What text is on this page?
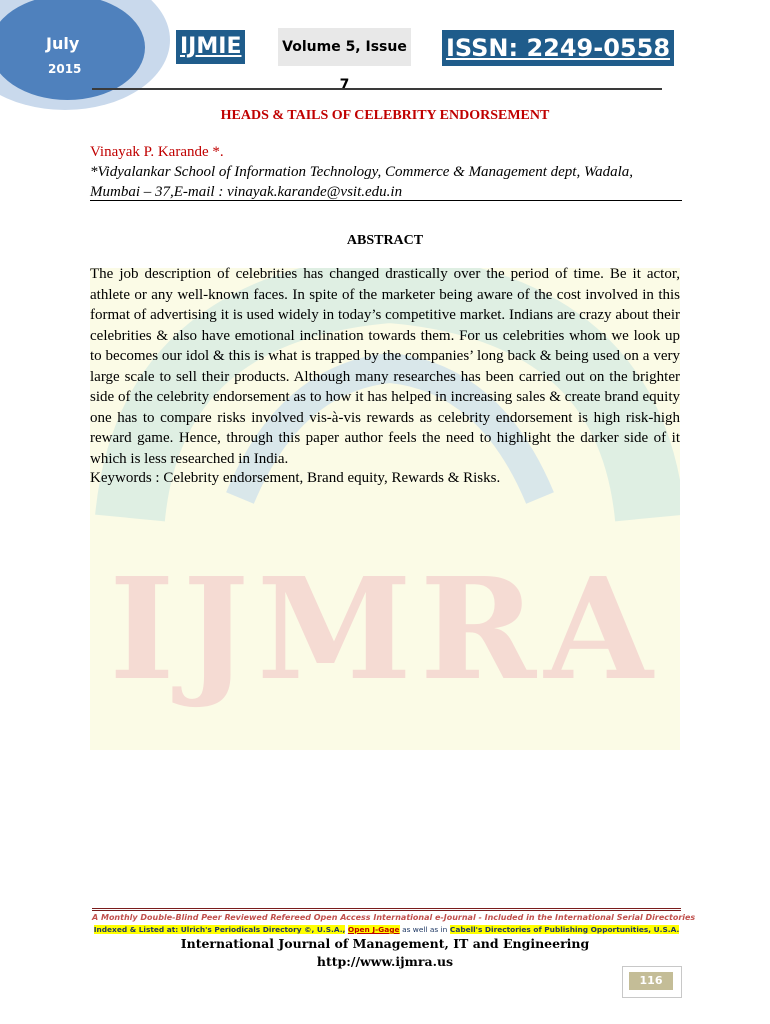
July
2015
IJMIE	Volume 5, Issue 7
ISSN: 2249-0558
IJMRA
HEADS & TAILS OF CELEBRITY ENDORSEMENT
Vinayak P. Karande *.
*Vidyalankar School of Information Technology, Commerce & Management dept, Wadala,
Mumbai – 37,E-mail : vinayak.karande@vsit.edu.in
ABSTRACT

The job description of celebrities has changed drastically over the period of time. Be it actor, athlete or any well-known faces. In spite of the marketer being aware of the cost involved in this format of advertising it is used widely in today’s competitive market. Indians are crazy about their celebrities & also have emotional inclination towards them. For us celebrities whom we look up to becomes our idol & this is what is trapped by the companies’ long back & being used on a very large scale to sell their products. Although many researches has been carried out on the brighter side of the celebrity endorsement as to how it has helped in increasing sales & create brand equity one has to compare risks involved vis-à-vis rewards as celebrity endorsement is high risk-high reward game. Hence, through this paper author feels the need to highlight the darker side of it which is less researched in India.

Keywords : Celebrity endorsement, Brand equity, Rewards & Risks.
A Monthly Double-Blind Peer Reviewed Refereed Open Access International e-Journal - Included in the International Serial Directories
Indexed & Listed at: Ulrich's Periodicals Directory ©, U.S.A., Open J-Gage as well as in Cabell's Directories of Publishing Opportunities, U.S.A.
International Journal of Management, IT and Engineering
http://www.ijmra.us
116
